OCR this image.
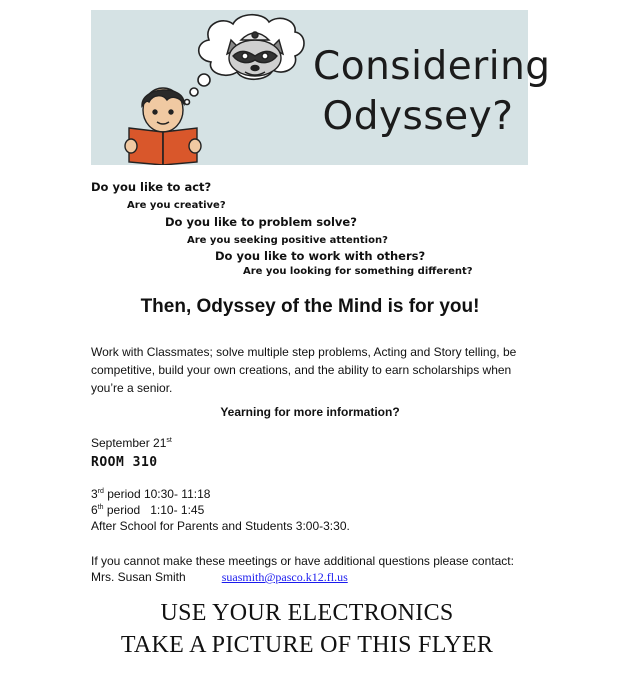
Considering
Odyssey?
Do you like to act?
Are you creative?
Do you like to problem solve?
Are you seeking positive attention?
Do you like to work with others?
Are you looking for something different?
Then, Odyssey of the Mind is for you!
Work with Classmates; solve multiple step problems, Acting and Story telling, be competitive, build your own creations, and the ability to earn scholarships when you’re a senior.
Yearning for more information?
September 21st
ROOM 310
3rd period 10:30- 11:18
6th period   1:10- 1:45
After School for Parents and Students 3:00-3:30.
If you cannot make these meetings or have additional questions please contact:
Mrs. Susan Smith	suasmith@pasco.k12.fl.us
USE YOUR ELECTRONICS
TAKE A PICTURE OF THIS FLYER
